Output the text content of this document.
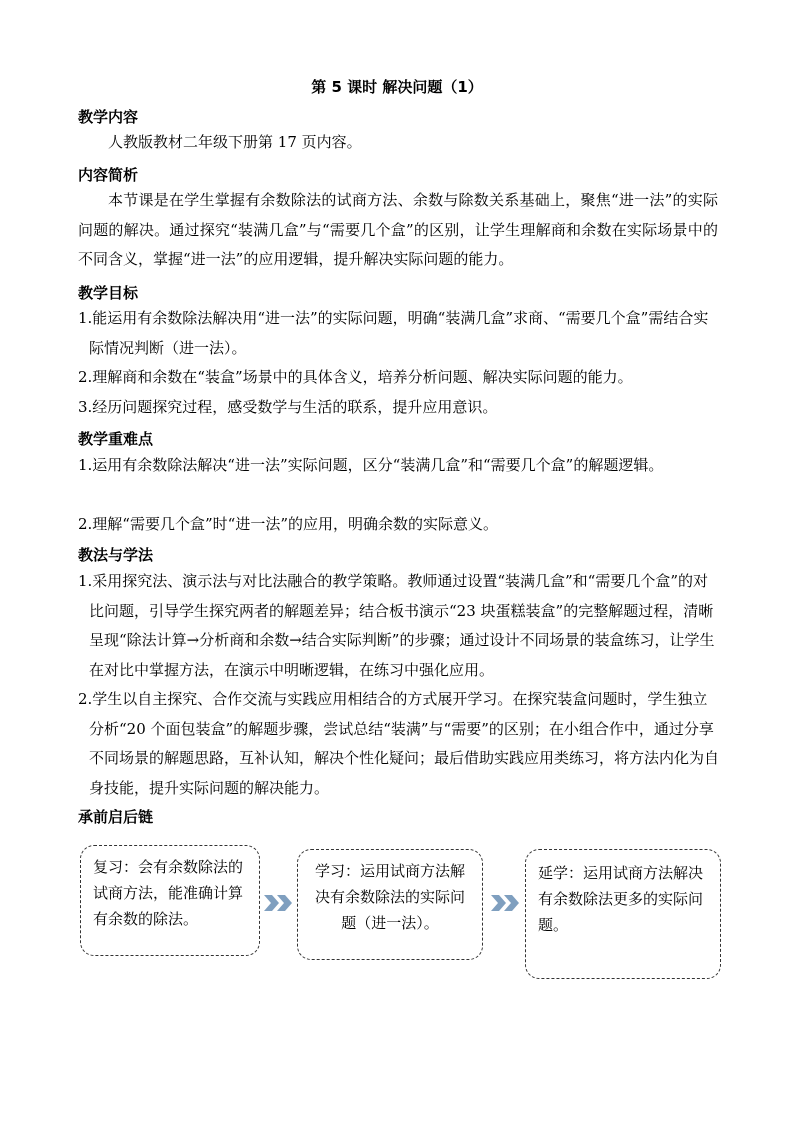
第 5 课时 解决问题（1）
教学内容
人教版教材二年级下册第 17 页内容。
内容简析
本节课是在学生掌握有余数除法的试商方法、余数与除数关系基础上，聚焦“进一法”的实际问题的解决。通过探究“装满几盒”与“需要几个盒”的区别，让学生理解商和余数在实际场景中的不同含义，掌握“进一法”的应用逻辑，提升解决实际问题的能力。
教学目标
1.能运用有余数除法解决用“进一法”的实际问题，明确“装满几盒”求商、“需要几个盒”需结合实际情况判断（进一法）。
2.理解商和余数在“装盒”场景中的具体含义，培养分析问题、解决实际问题的能力。
3.经历问题探究过程，感受数学与生活的联系，提升应用意识。
教学重难点
1.运用有余数除法解决“进一法”实际问题，区分“装满几盒”和“需要几个盒”的解题逻辑。
2.理解“需要几个盒”时“进一法”的应用，明确余数的实际意义。
教法与学法
1.采用探究法、演示法与对比法融合的教学策略。教师通过设置“装满几盒”和“需要几个盒”的对比问题，引导学生探究两者的解题差异；结合板书演示“23 块蛋糕装盒”的完整解题过程，清晰呈现“除法计算→分析商和余数→结合实际判断”的步骤；通过设计不同场景的装盒练习，让学生在对比中掌握方法，在演示中明晰逻辑，在练习中强化应用。
2.学生以自主探究、合作交流与实践应用相结合的方式展开学习。在探究装盒问题时，学生独立分析“20 个面包装盒”的解题步骤，尝试总结“装满”与“需要”的区别；在小组合作中，通过分享不同场景的解题思路，互补认知，解决个性化疑问；最后借助实践应用类练习，将方法内化为自身技能，提升实际问题的解决能力。
承前启后链
复习：会有余数除法的试商方法，能准确计算有余数的除法。
学习：运用试商方法解决有余数除法的实际问题（进一法）。
延学：运用试商方法解决有余数除法更多的实际问题。
